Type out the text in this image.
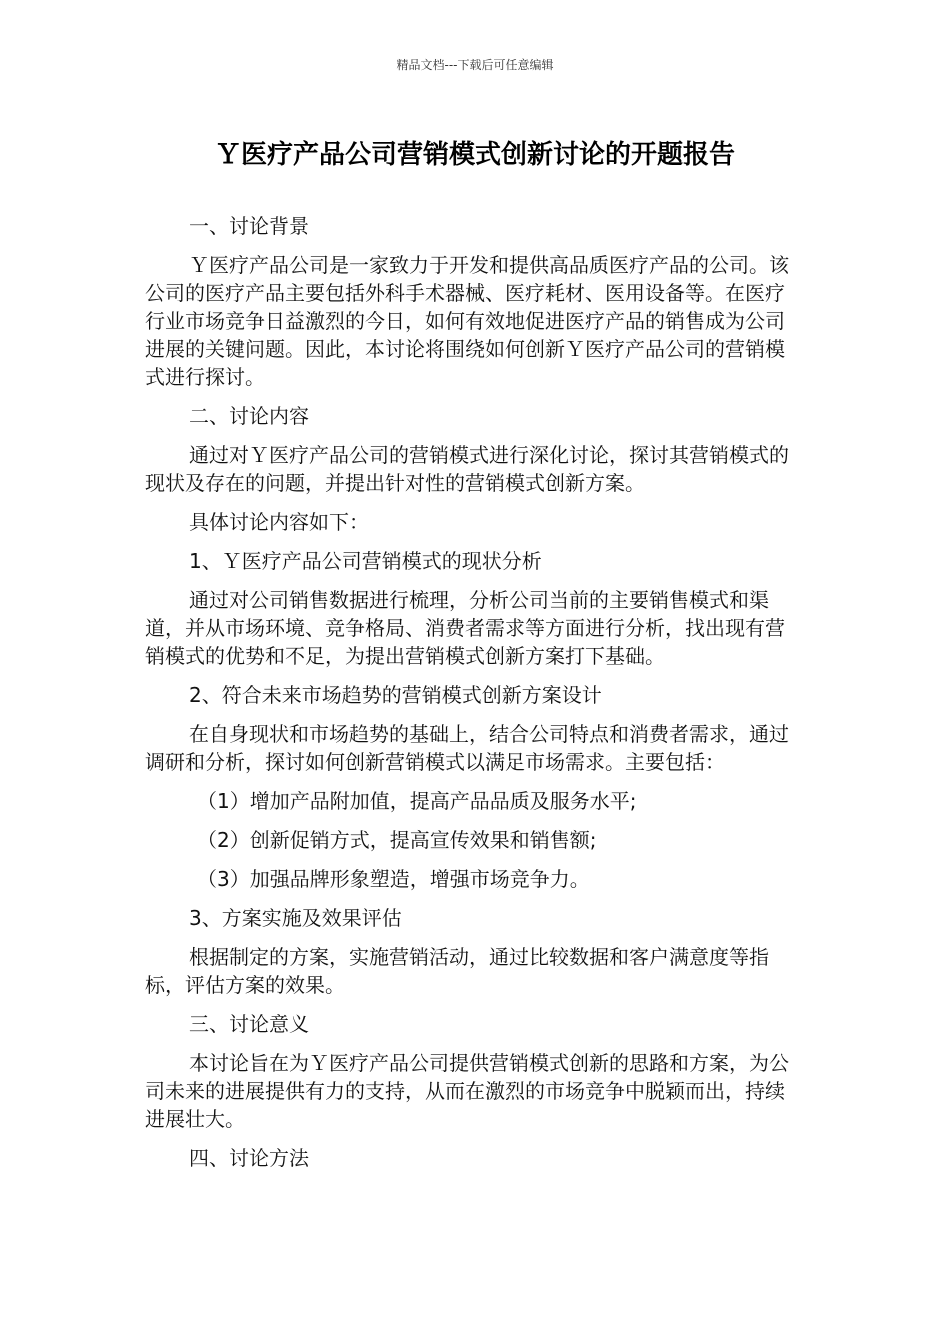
精品文档---下载后可任意编辑
Ｙ医疗产品公司营销模式创新讨论的开题报告

一、讨论背景

Ｙ医疗产品公司是一家致力于开发和提供高品质医疗产品的公司。该公司的医疗产品主要包括外科手术器械、医疗耗材、医用设备等。在医疗行业市场竞争日益激烈的今日，如何有效地促进医疗产品的销售成为公司进展的关键问题。因此，本讨论将围绕如何创新Ｙ医疗产品公司的营销模式进行探讨。

二、讨论内容

通过对Ｙ医疗产品公司的营销模式进行深化讨论，探讨其营销模式的现状及存在的问题，并提出针对性的营销模式创新方案。

具体讨论内容如下：

1、Ｙ医疗产品公司营销模式的现状分析

通过对公司销售数据进行梳理，分析公司当前的主要销售模式和渠道，并从市场环境、竞争格局、消费者需求等方面进行分析，找出现有营销模式的优势和不足，为提出营销模式创新方案打下基础。

2、符合未来市场趋势的营销模式创新方案设计

在自身现状和市场趋势的基础上，结合公司特点和消费者需求，通过调研和分析，探讨如何创新营销模式以满足市场需求。主要包括：

（1）增加产品附加值，提高产品品质及服务水平;

（2）创新促销方式，提高宣传效果和销售额;

（3）加强品牌形象塑造，增强市场竞争力。

3、方案实施及效果评估

根据制定的方案，实施营销活动，通过比较数据和客户满意度等指标，评估方案的效果。

三、讨论意义

本讨论旨在为Ｙ医疗产品公司提供营销模式创新的思路和方案，为公司未来的进展提供有力的支持，从而在激烈的市场竞争中脱颖而出，持续进展壮大。

四、讨论方法
